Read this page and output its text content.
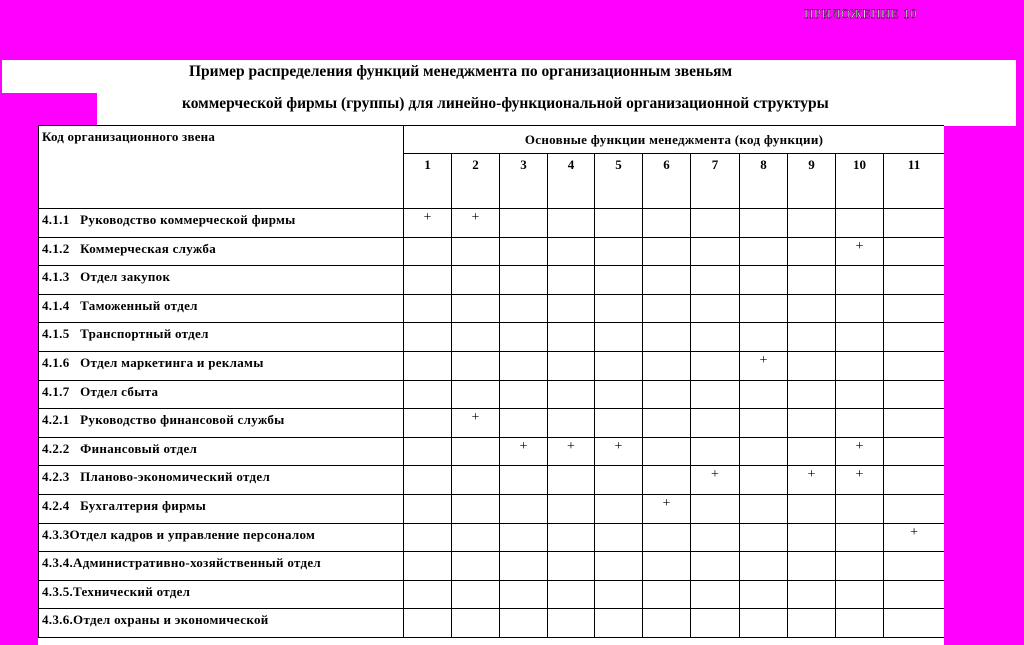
ПРИЛОЖЕНИЕ 10
Пример распределения функций менеджмента по организационным звеньям
коммерческой фирмы (группы) для линейно-функциональной организационной структуры
Код организационного звена	Основные функции менеджмента (код функции)										
	1	2	3	4	5	6	7	8	9	10	11
4.1.1   Руководство коммерческой фирмы	+	+									
4.1.2   Коммерческая служба										+	
4.1.3   Отдел закупок											
4.1.4   Таможенный отдел											
4.1.5   Транспортный отдел											
4.1.6   Отдел маркетинга и рекламы								+			
4.1.7   Отдел сбыта											
4.2.1   Руководство финансовой службы		+									
4.2.2   Финансовый отдел			+	+	+					+	
4.2.3   Планово-экономический отдел							+		+	+	
4.2.4   Бухгалтерия фирмы						+					
4.3.3Отдел кадров и управление персоналом											+
4.3.4.Административно-хозяйственный отдел											
4.3.5.Технический отдел											
4.3.6.Отдел охраны и экономической											
